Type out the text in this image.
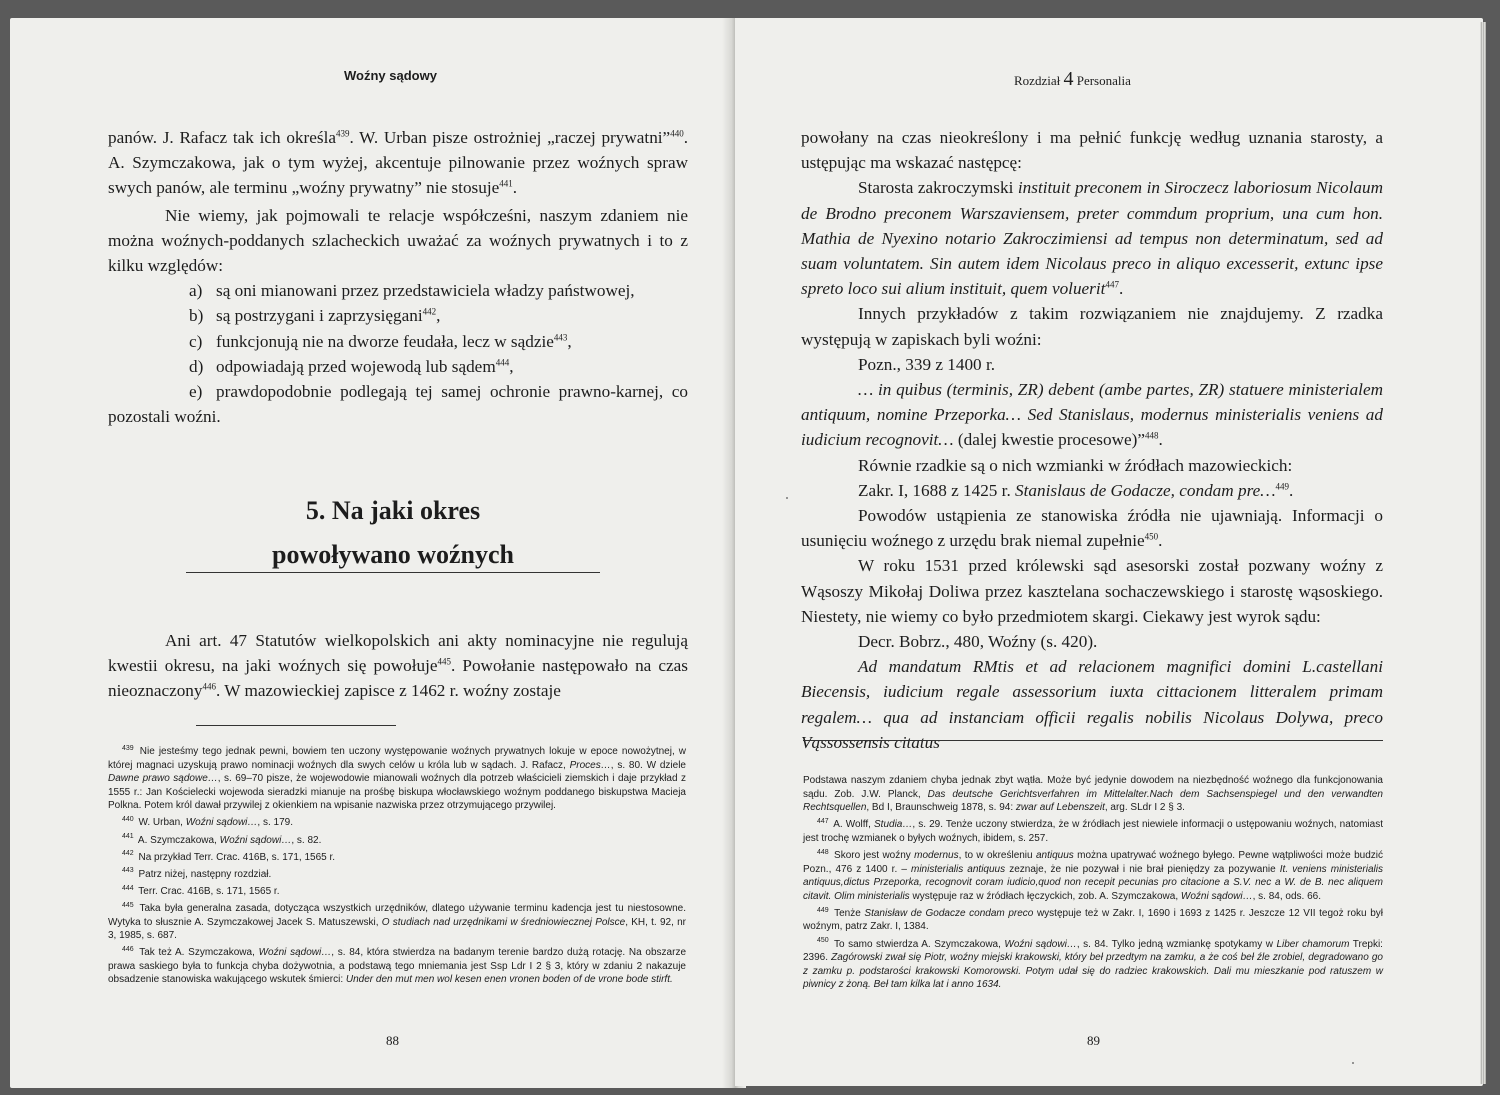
Woźny sądowy

panów. J. Rafacz tak ich określa$^{439}$. W. Urban pisze ostrożniej „raczej prywatni”$^{440}$. A. Szymczakowa, jak o tym wyżej, akcentuje pilnowanie przez woźnych spraw swych panów, ale terminu „woźny prywatny” nie stosuje$^{441}$.

Nie wiemy, jak pojmowali te relacje współcześni, naszym zdaniem nie można woźnych-poddanych szlacheckich uważać za woźnych prywatnych i to z kilku względów:

a) są oni mianowani przez przedstawiciela władzy państwowej,

b) są postrzygani i zaprzysięgani$^{442}$,

c) funkcjonują nie na dworze feudała, lecz w sądzie$^{443}$,

d) odpowiadają przed wojewodą lub sądem$^{444}$,

e) prawdopodobnie podlegają tej samej ochronie prawno-karnej, co pozostali woźni.

5. Na jaki okres
powoływano woźnych

Ani art. 47 Statutów wielkopolskich ani akty nominacyjne nie regulują kwestii okresu, na jaki woźnych się powołuje$^{445}$. Powołanie następowało na czas nieoznaczony$^{446}$. W mazowieckiej zapisce z 1462 r. woźny zostaje

$^{439}$ Nie jesteśmy tego jednak pewni, bowiem ten uczony występowanie woźnych prywatnych lokuje w epoce nowożytnej, w której magnaci uzyskują prawo nominacji woźnych dla swych celów u króla lub w sądach. J. Rafacz, Proces…, s. 80. W dziele Dawne prawo sądowe…, s. 69–70 pisze, że wojewodowie mianowali woźnych dla potrzeb właścicieli ziemskich i daje przykład z 1555 r.: Jan Kościelecki wojewoda sieradzki mianuje na prośbę biskupa włocławskiego woźnym poddanego biskupstwa Macieja Polkna. Potem król dawał przywilej z okienkiem na wpisanie nazwiska przez otrzymującego przywilej.

$^{440}$ W. Urban, Woźni sądowi…, s. 179.

$^{441}$ A. Szymczakowa, Woźni sądowi…, s. 82.

$^{442}$ Na przykład Terr. Crac. 416B, s. 171, 1565 r.

$^{443}$ Patrz niżej, następny rozdział.

$^{444}$ Terr. Crac. 416B, s. 171, 1565 r.

$^{445}$ Taka była generalna zasada, dotycząca wszystkich urzędników, dlatego używanie terminu kadencja jest tu niestosowne. Wytyka to słusznie A. Szymczakowej Jacek S. Matuszewski, O studiach nad urzędnikami w średniowiecznej Polsce, KH, t. 92, nr 3, 1985, s. 687.

$^{446}$ Tak też A. Szymczakowa, Woźni sądowi…, s. 84, która stwierdza na badanym terenie bardzo dużą rotację. Na obszarze prawa saskiego była to funkcja chyba dożywotnia, a podstawą tego mniemania jest Ssp Ldr I 2 § 3, który w zdaniu 2 nakazuje obsadzenie stanowiska wakującego wskutek śmierci: Under den mut men wol kesen enen vronen boden of de vrone bode stirft.

88
Rozdział 4 Personalia

powołany na czas nieokreślony i ma pełnić funkcję według uznania starosty, a ustępując ma wskazać następcę:

Starosta zakroczymski instituit preconem in Siroczecz laboriosum Nicolaum de Brodno preconem Warszaviensem, preter commdum proprium, una cum hon. Mathia de Nyexino notario Zakroczimiensi ad tempus non determinatum, sed ad suam voluntatem. Sin autem idem Nicolaus preco in aliquo excesserit, extunc ipse spreto loco sui alium instituit, quem voluerit$^{447}$.

Innych przykładów z takim rozwiązaniem nie znajdujemy. Z rzadka występują w zapiskach byli woźni:

Pozn., 339 z 1400 r.

… in quibus (terminis, ZR) debent (ambe partes, ZR) statuere ministerialem antiquum, nomine Przeporka… Sed Stanislaus, modernus ministerialis veniens ad iudicium recognovit… (dalej kwestie procesowe)”$^{448}$.

Równie rzadkie są o nich wzmianki w źródłach mazowieckich:

Zakr. I, 1688 z 1425 r. Stanislaus de Godacze, condam pre…$^{449}$.

Powodów ustąpienia ze stanowiska źródła nie ujawniają. Informacji o usunięciu woźnego z urzędu brak niemal zupełnie$^{450}$.

W roku 1531 przed królewski sąd asesorski został pozwany woźny z Wąsoszy Mikołaj Doliwa przez kasztelana sochaczewskiego i starostę wąsoskiego. Niestety, nie wiemy co było przedmiotem skargi. Ciekawy jest wyrok sądu:

Decr. Bobrz., 480, Woźny (s. 420).

Ad mandatum RMtis et ad relacionem magnifici domini L.castellani Biecensis, iudicium regale assessorium iuxta cittacionem litteralem primam regalem… qua ad instanciam officii regalis nobilis Nicolaus Dolywa, preco Vąssossensis citatus

Podstawa naszym zdaniem chyba jednak zbyt wątła. Może być jedynie dowodem na niezbędność woźnego dla funkcjonowania sądu. Zob. J.W. Planck, Das deutsche Gerichtsverfahren im Mittelalter.Nach dem Sachsenspiegel und den verwandten Rechtsquellen, Bd I, Braunschweig 1878, s. 94: zwar auf Lebenszeit, arg. SLdr I 2 § 3.

$^{447}$ A. Wolff, Studia…, s. 29. Tenże uczony stwierdza, że w źródłach jest niewiele informacji o ustępowaniu woźnych, natomiast jest trochę wzmianek o byłych woźnych, ibidem, s. 257.

$^{448}$ Skoro jest woźny modernus, to w określeniu antiquus można upatrywać woźnego byłego. Pewne wątpliwości może budzić Pozn., 476 z 1400 r. – ministerialis antiquus zeznaje, że nie pozywał i nie brał pieniędzy za pozywanie It. veniens ministerialis antiquus,dictus Przeporka, recognovit coram iudicio,quod non recepit pecunias pro citacione a S.V. nec a W. de B. nec aliquem citavit. Olim ministerialis występuje raz w źródłach łęczyckich, zob. A. Szymczakowa, Woźni sądowi…, s. 84, ods. 66.

$^{449}$ Tenże Stanisław de Godacze condam preco występuje też w Zakr. I, 1690 i 1693 z 1425 r. Jeszcze 12 VII tegoż roku był woźnym, patrz Zakr. I, 1384.

$^{450}$ To samo stwierdza A. Szymczakowa, Woźni sądowi…, s. 84. Tylko jedną wzmiankę spotykamy w Liber chamorum Trepki: 2396. Zagórowski zwał się Piotr, woźny miejski krakowski, który beł przedtym na zamku, a że coś beł źle zrobiel, degradowano go z zamku p. podstarości krakowski Komorowski. Potym udał się do radziec krakowskich. Dali mu mieszkanie pod ratuszem w piwnicy z żoną. Beł tam kilka lat i anno 1634.

89
